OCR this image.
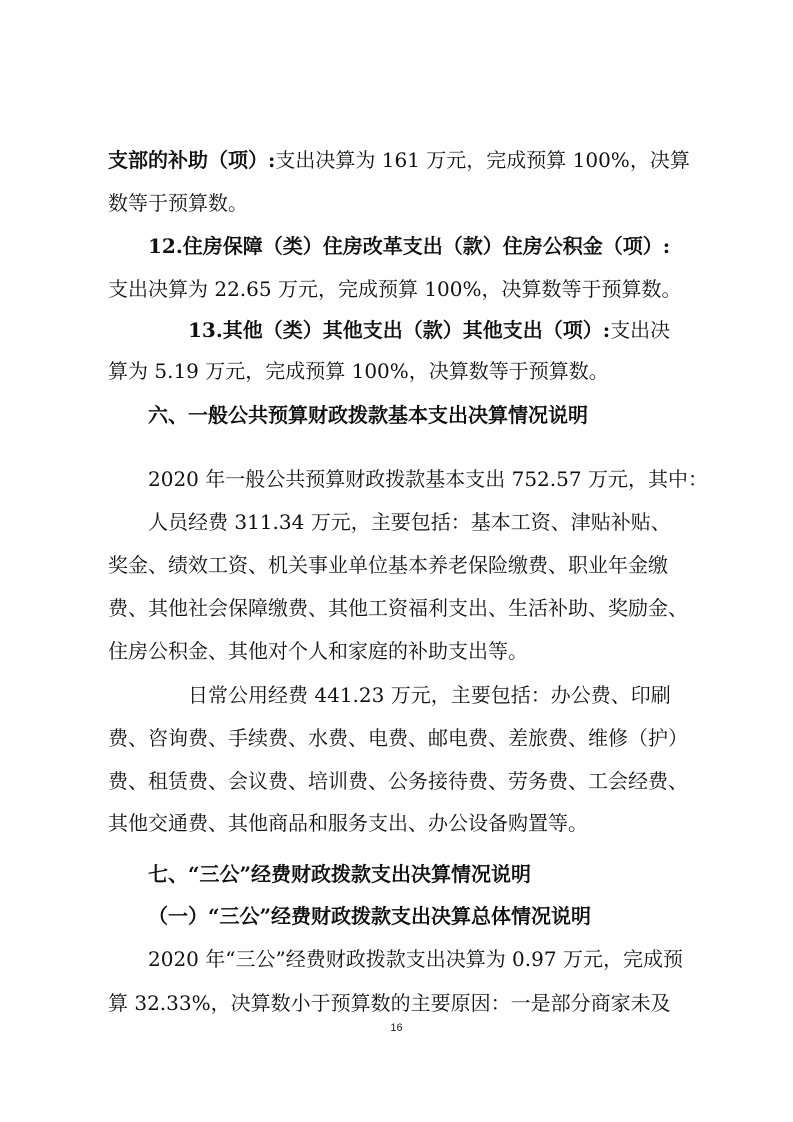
支部的补助（项）:支出决算为 161 万元，完成预算 100%，决算
数等于预算数。
12.住房保障（类）住房改革支出（款）住房公积金（项）:
支出决算为 22.65 万元，完成预算 100%，决算数等于预算数。
13.其他（类）其他支出（款）其他支出（项）:支出决
算为 5.19 万元，完成预算 100%，决算数等于预算数。
六、一般公共预算财政拨款基本支出决算情况说明
2020 年一般公共预算财政拨款基本支出 752.57 万元，其中：
人员经费 311.34 万元，主要包括：基本工资、津贴补贴、
奖金、绩效工资、机关事业单位基本养老保险缴费、职业年金缴
费、其他社会保障缴费、其他工资福利支出、生活补助、奖励金、
住房公积金、其他对个人和家庭的补助支出等。
日常公用经费 441.23 万元，主要包括：办公费、印刷
费、咨询费、手续费、水费、电费、邮电费、差旅费、维修（护）
费、租赁费、会议费、培训费、公务接待费、劳务费、工会经费、
其他交通费、其他商品和服务支出、办公设备购置等。
七、“三公”经费财政拨款支出决算情况说明
（一）“三公”经费财政拨款支出决算总体情况说明
2020 年“三公”经费财政拨款支出决算为 0.97 万元，完成预
算 32.33%，决算数小于预算数的主要原因：一是部分商家未及
16
